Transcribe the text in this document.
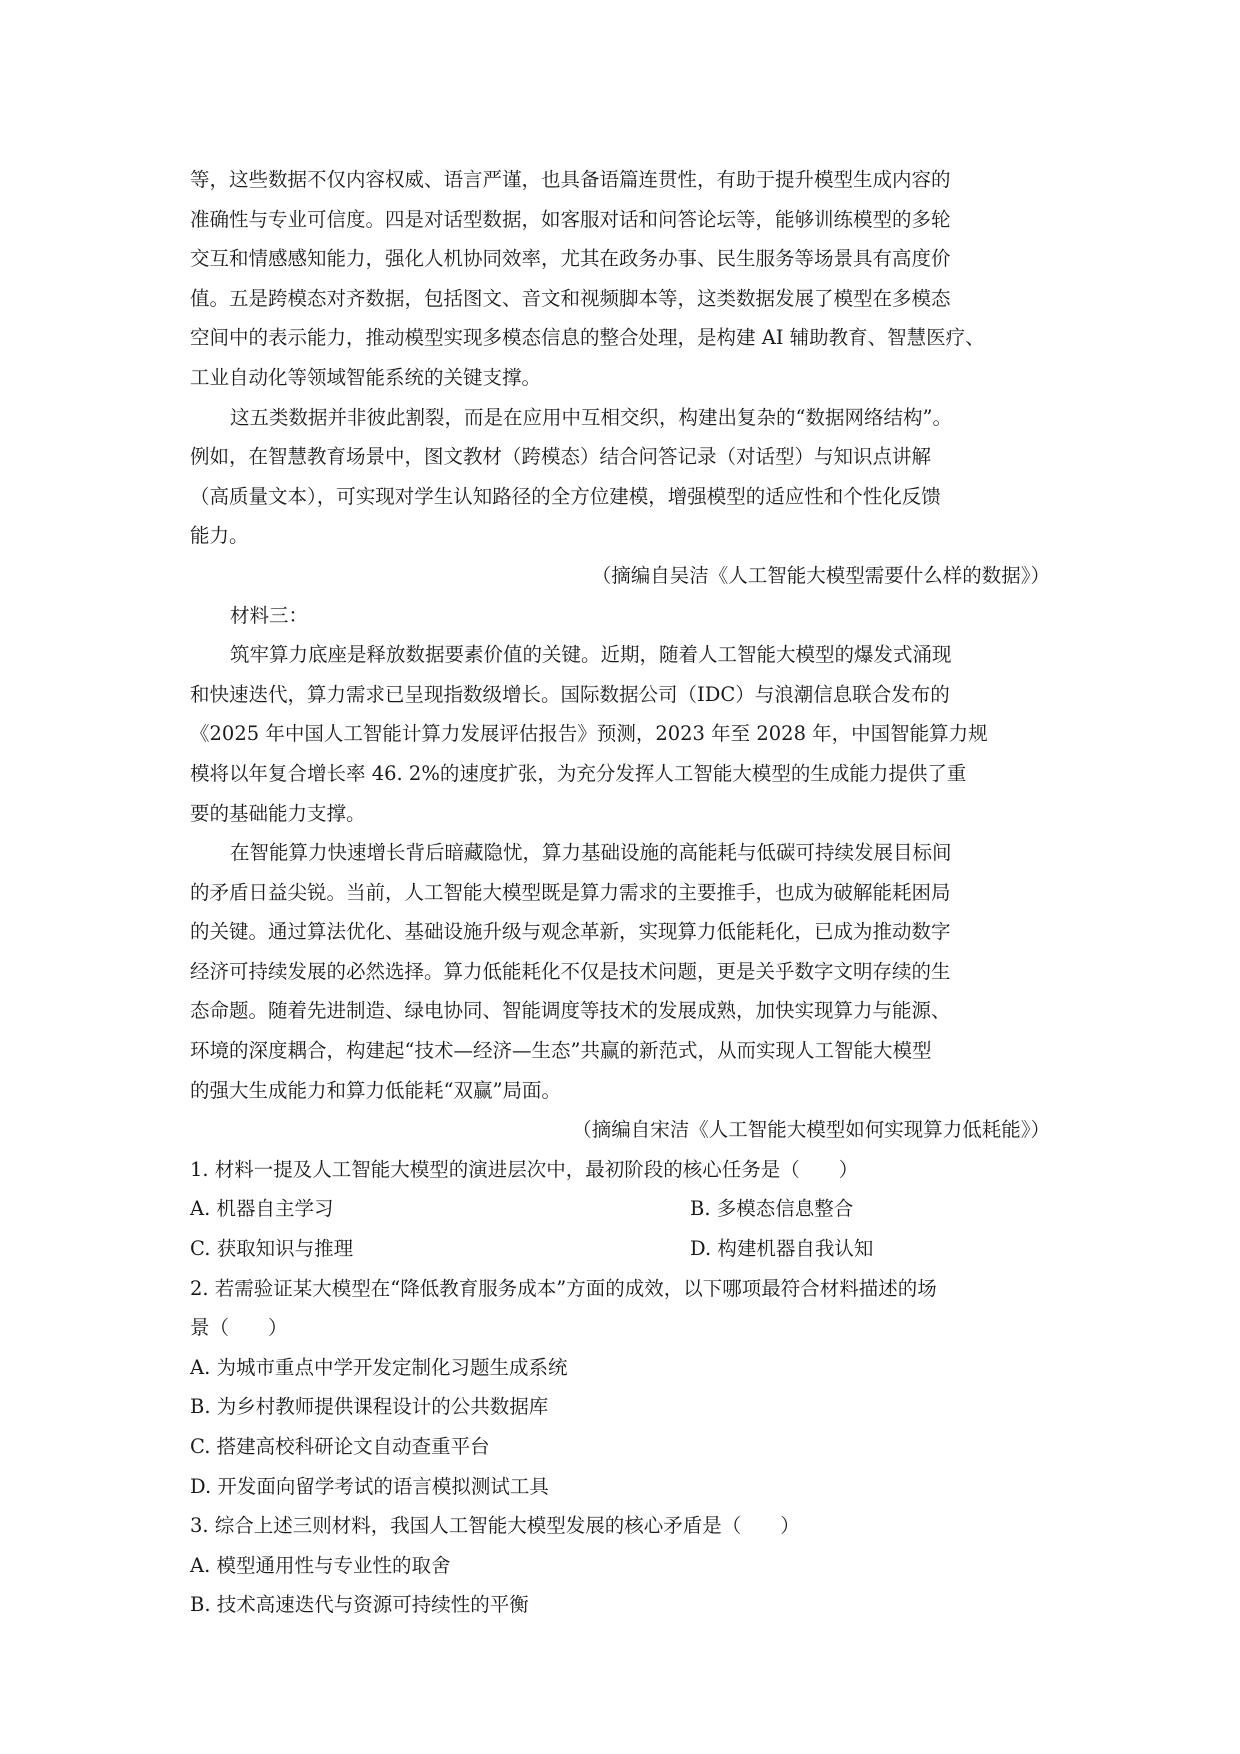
等，这些数据不仅内容权威、语言严谨，也具备语篇连贯性，有助于提升模型生成内容的
准确性与专业可信度。四是对话型数据，如客服对话和问答论坛等，能够训练模型的多轮
交互和情感感知能力，强化人机协同效率，尤其在政务办事、民生服务等场景具有高度价
值。五是跨模态对齐数据，包括图文、音文和视频脚本等，这类数据发展了模型在多模态
空间中的表示能力，推动模型实现多模态信息的整合处理，是构建 AI 辅助教育、智慧医疗、
工业自动化等领域智能系统的关键支撑。
这五类数据并非彼此割裂，而是在应用中互相交织，构建出复杂的“数据网络结构”。
例如，在智慧教育场景中，图文教材（跨模态）结合问答记录（对话型）与知识点讲解
（高质量文本），可实现对学生认知路径的全方位建模，增强模型的适应性和个性化反馈
能力。
（摘编自吴洁《人工智能大模型需要什么样的数据》）
材料三：
筑牢算力底座是释放数据要素价值的关键。近期，随着人工智能大模型的爆发式涌现
和快速迭代，算力需求已呈现指数级增长。国际数据公司（IDC）与浪潮信息联合发布的
《2025 年中国人工智能计算力发展评估报告》预测，2023 年至 2028 年，中国智能算力规
模将以年复合增长率 46. 2%的速度扩张，为充分发挥人工智能大模型的生成能力提供了重
要的基础能力支撑。
在智能算力快速增长背后暗藏隐忧，算力基础设施的高能耗与低碳可持续发展目标间
的矛盾日益尖锐。当前，人工智能大模型既是算力需求的主要推手，也成为破解能耗困局
的关键。通过算法优化、基础设施升级与观念革新，实现算力低能耗化，已成为推动数字
经济可持续发展的必然选择。算力低能耗化不仅是技术问题，更是关乎数字文明存续的生
态命题。随着先进制造、绿电协同、智能调度等技术的发展成熟，加快实现算力与能源、
环境的深度耦合，构建起“技术—经济—生态”共赢的新范式，从而实现人工智能大模型
的强大生成能力和算力低能耗“双赢”局面。
（摘编自宋洁《人工智能大模型如何实现算力低耗能》）
1. 材料一提及人工智能大模型的演进层次中，最初阶段的核心任务是（　　）
A. 机器自主学习	B. 多模态信息整合
C. 获取知识与推理	D. 构建机器自我认知
2. 若需验证某大模型在“降低教育服务成本”方面的成效，以下哪项最符合材料描述的场
景（　　）
A. 为城市重点中学开发定制化习题生成系统
B. 为乡村教师提供课程设计的公共数据库
C. 搭建高校科研论文自动查重平台
D. 开发面向留学考试的语言模拟测试工具
3. 综合上述三则材料，我国人工智能大模型发展的核心矛盾是（　　）
A. 模型通用性与专业性的取舍
B. 技术高速迭代与资源可持续性的平衡
